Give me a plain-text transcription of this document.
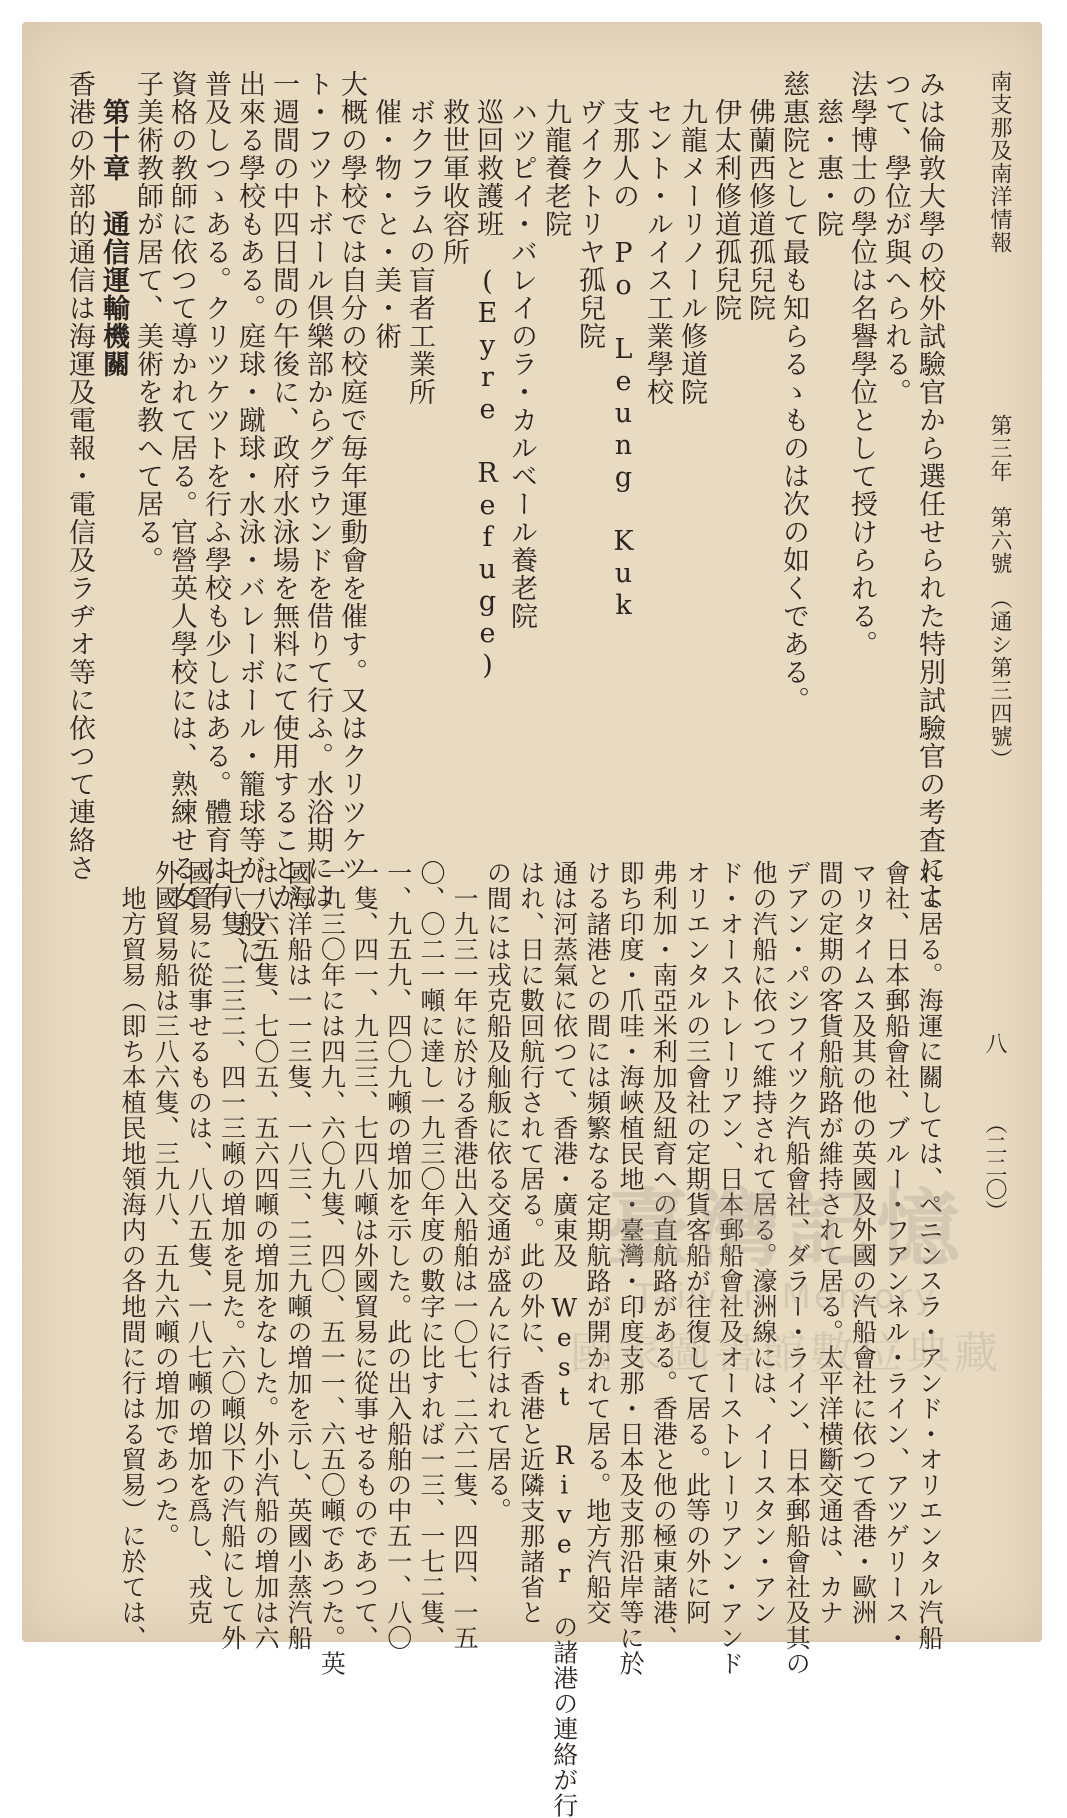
南支那及南洋情報
第三年　第六號　（通シ第三四號）
八
（二二〇）
みは倫敦大學の校外試驗官から選任せられた特別試驗官の考査によ
つて、學位が與へられる。
法學博士の學位は名譽學位として授けられる。
　慈・惠・院
慈惠院として最も知らるゝものは次の如くである。
　佛蘭西修道孤兒院
　伊太利修道孤兒院
　九龍メーリノール修道院
　セント・ルイス工業學校
　支那人の　Po Leung Kuk
　ヴイクトリヤ孤兒院
　九龍養老院
　ハツピイ・バレイのラ・カルベール養老院
　巡回救護班　(Eyre Refuge)
　救世軍收容所
　ボクフラムの盲者工業所
　催・物・と・美・術
大概の學校では自分の校庭で毎年運動會を催す。又はクリツケツ
ト・フツトボール倶樂部からグラウンドを借りて行ふ。水浴期には
一週間の中四日間の午後に、政府水泳場を無料にて使用することが
出來る學校もある。庭球・蹴球・水泳・バレーボール・籠球等が一般に
普及しつゝある。クリツケツトを行ふ學校も少しはある。體育は有
資格の教師に依つて導かれて居る。官營英人學校には、熟練せる女
子美術教師が居て、美術を教へて居る。
　第十章　通信運輸機關
香港の外部的通信は海運及電報・電信及ラヂオ等に依つて連絡さ
れて居る。海運に關しては、ペニンスラ・アンド・オリエンタル汽船
會社、日本郵船會社、ブルー・フアンネル・ライン、アツゲリース・
マリタイムス及其の他の英國及外國の汽船會社に依つて香港・歐洲
間の定期の客貨船航路が維持されて居る。太平洋横斷交通は、カナ
デアン・パシフイツク汽船會社、ダラー・ライン、日本郵船會社及其の
他の汽船に依つて維持されて居る。濠洲線には、イースタン・アン
ド・オーストレーリアン、日本郵船會社及オーストレーリアン・アンド
オリエンタルの三會社の定期貨客船が往復して居る。此等の外に阿
弗利加・南亞米利加及紐育への直航路がある。香港と他の極東諸港、
即ち印度・爪哇・海峽植民地・臺灣・印度支那・日本及支那沿岸等に於
ける諸港との間には頻繁なる定期航路が開かれて居る。地方汽船交
通は河蒸氣に依つて、香港・廣東及　West River　の諸港の連絡が行
はれ、日に數回航行されて居る。此の外に、香港と近隣支那諸省と
の間には戎克船及舢舨に依る交通が盛んに行はれて居る。
　一九三一年に於ける香港出入船舶は一〇七、二六二隻、四四、一五
〇、〇二一噸に達し一九三〇年度の數字に比すれば一三、一七二隻、
一、九五九、四〇九噸の増加を示した。此の出入船舶の中五一、八〇
一隻、四一、九三三、七四八噸は外國貿易に從事せるものであつて、
一九三〇年には四九、六〇九隻、四〇、五一一、六五〇噸であつた。英
國海洋船は一一三隻、一八三、二三九噸の増加を示し、英國小蒸汽船
は八六五隻、七〇五、五六四噸の増加をなした。外小汽船の増加は六
七八隻、二三二、四一三噸の増加を見た。六〇噸以下の汽船にして外
國貿易に從事せるものは、八八五隻、一八七噸の増加を爲し、戎克
外國貿易船は三八六隻、三九八、五九六噸の増加であつた。
　地方貿易（即ち本植民地領海内の各地間に行はる貿易）に於ては、	臺灣記憶
Taiwan Memory
國家圖書館數位典藏
